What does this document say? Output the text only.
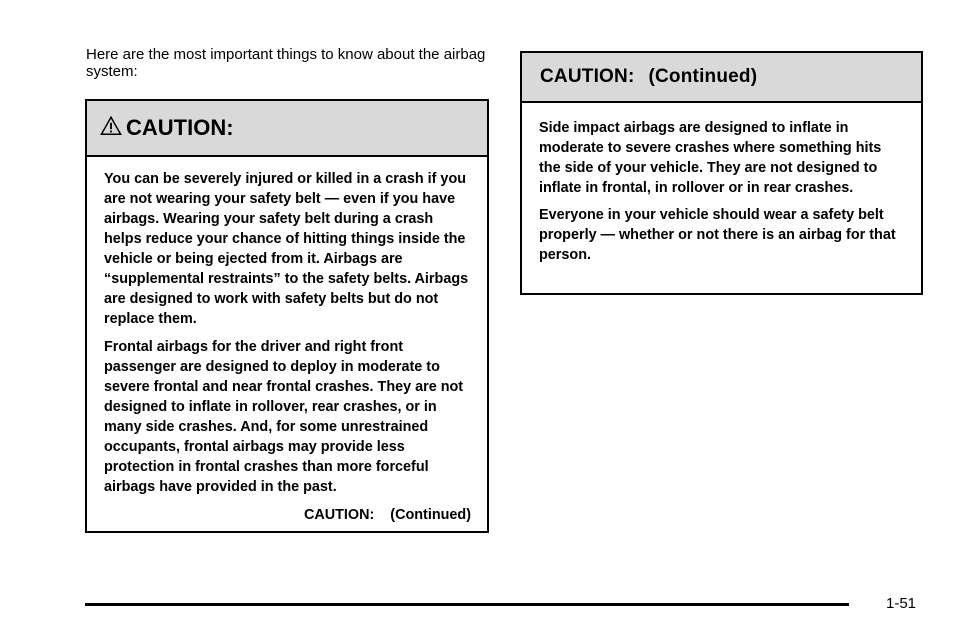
Here are the most important things to know about the airbag system:

CAUTION:

You can be severely injured or killed in a crash if you are not wearing your safety belt — even if you have airbags. Wearing your safety belt during a crash helps reduce your chance of hitting things inside the vehicle or being ejected from it. Airbags are “supplemental restraints” to the safety belts. Airbags are designed to work with safety belts but do not replace them.

Frontal airbags for the driver and right front passenger are designed to deploy in moderate to severe frontal and near frontal crashes. They are not designed to inflate in rollover, rear crashes, or in many side crashes. And, for some unrestrained occupants, frontal airbags may provide less protection in frontal crashes than more forceful airbags have provided in the past.

CAUTION:    (Continued)

CAUTION: (Continued)

Side impact airbags are designed to inflate in moderate to severe crashes where something hits the side of your vehicle. They are not designed to inflate in frontal, in rollover or in rear crashes.

Everyone in your vehicle should wear a safety belt properly — whether or not there is an airbag for that person.

1-51
